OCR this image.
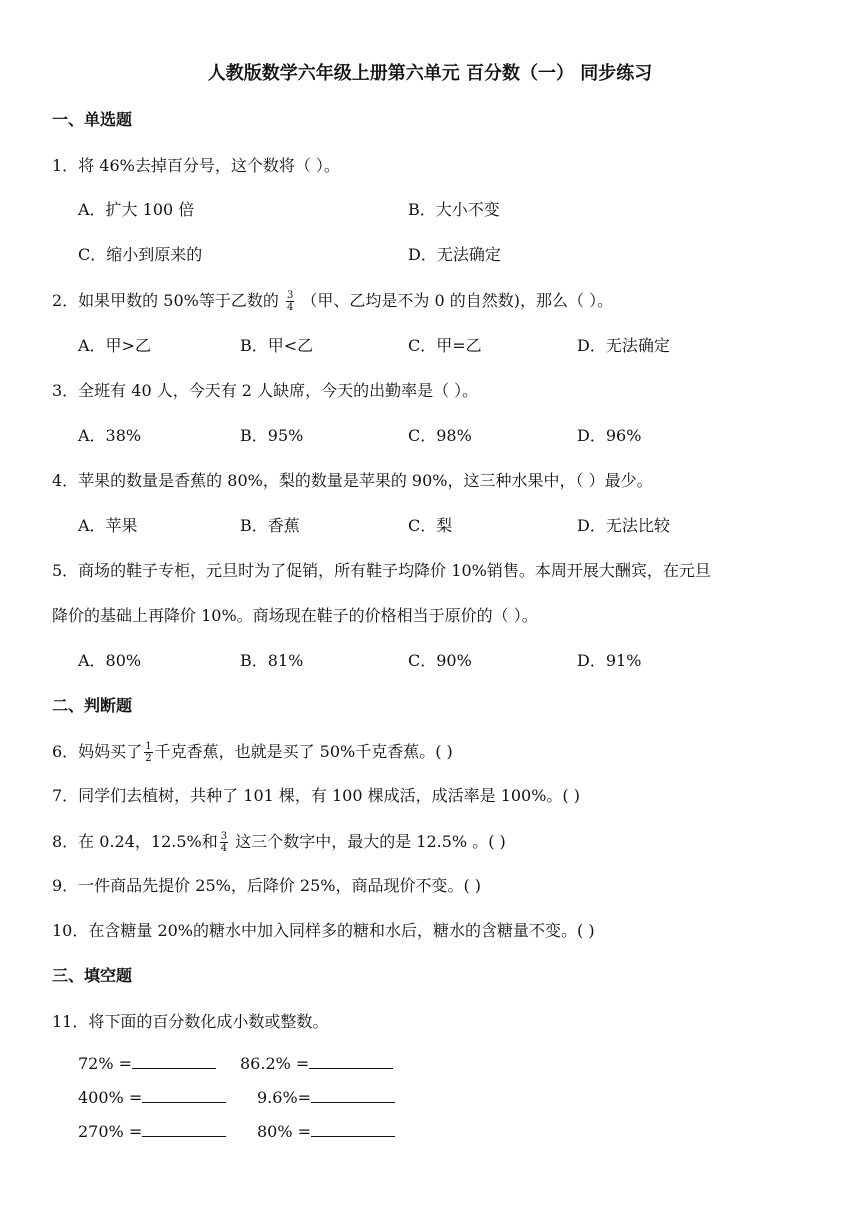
人教版数学六年级上册第六单元 百分数（一） 同步练习
一、单选题
1．将 46%去掉百分号，这个数将（ ）。
A．扩大 100 倍	B．大小不变
C．缩小到原来的	D．无法确定
2．如果甲数的 50%等于乙数的 $\frac{3}{4}$ （甲、乙均是不为 0 的自然数)，那么（ ）。
A．甲>乙	B．甲<乙	C．甲=乙	D．无法确定
3．全班有 40 人，今天有 2 人缺席，今天的出勤率是（ ）。
A．38%	B．95%	C．98%	D．96%
4．苹果的数量是香蕉的 80%，梨的数量是苹果的 90%，这三种水果中，（ ）最少。
A．苹果	B．香蕉	C．梨	D．无法比较
5．商场的鞋子专柜，元旦时为了促销，所有鞋子均降价 10%销售。本周开展大酬宾，在元旦
降价的基础上再降价 10%。商场现在鞋子的价格相当于原价的（ ）。
A．80%	B．81%	C．90%	D．91%
二、判断题
6．妈妈买了 $\frac{1}{2}$ 千克香蕉，也就是买了 50%千克香蕉。( )
7．同学们去植树，共种了 101 棵，有 100 棵成活，成活率是 100%。( )
8．在 0.24，12.5%和 $\frac{3}{4}$ 这三个数字中，最大的是 12.5% 。( )
9．一件商品先提价 25%，后降价 25%，商品现价不变。( )
10．在含糖量 20%的糖水中加入同样多的糖和水后，糖水的含糖量不变。( )
三、填空题
11．将下面的百分数化成小数或整数。
72% =	86.2% =
400% =	9.6%=
270% =	80% =
